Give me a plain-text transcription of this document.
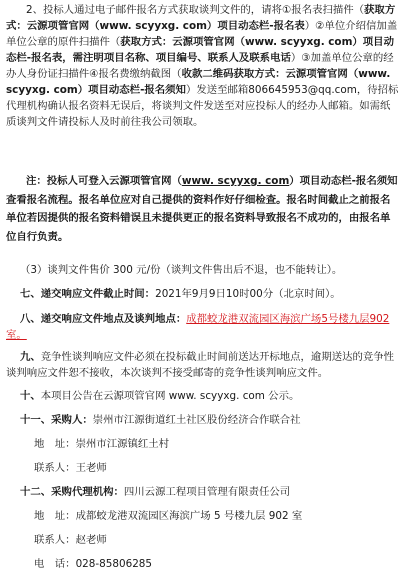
2、投标人通过电子邮件报名方式获取谈判文件的，请将①报名表扫描件（获取方式：云源项管官网（www. scyyxg. com）项目动态栏-报名表）②单位介绍信加盖单位公章的原件扫描件（获取方式：云源项管官网（www. scyyxg. com）项目动态栏-报名表，需注明项目名称、项目编号、联系人及联系电话）③加盖单位公章的经办人身份证扫描件④报名费缴纳截图（收款二维码获取方式：云源项管官网（www. scyyxg. com）项目动态栏-报名须知）发送至邮箱806645953@qq.com，待招标代理机构确认报名资料无误后，将谈判文件发送至对应投标人的经办人邮箱。如需纸质谈判文件请投标人及时前往我公司领取。

注：投标人可登入云源项管官网（www. scyyxg. com）项目动态栏-报名须知查看报名流程。报名单位应对自己提供的资料作好仔细检查。报名时间截止之前报名单位若因提供的报名资料错误且未提供更正的报名资料导致报名不成功的，由报名单位自行负责。

（3）谈判文件售价 300 元/份（谈判文件售出后不退，也不能转让）。
七、递交响应文件截止时间：2021年9月9日10时00分（北京时间）。

八、递交响应文件地点及谈判地点：成都蛟龙港双流园区海滨广场5号楼九层902室。

九、竞争性谈判响应文件必须在投标截止时间前送达开标地点，逾期送达的竞争性谈判响应文件恕不接收，本次谈判不接受邮寄的竞争性谈判响应文件。

十、本项目公告在云源项管官网 www. scyyxg. com 公示。
十一、采购人：崇州市江源街道红土社区股份经济合作联合社
地　址：崇州市江源镇红土村
联系人：王老师
十二、采购代理机构：四川云源工程项目管理有限责任公司
地　址：成都蛟龙港双流园区海滨广场 5 号楼九层 902 室
联系人：赵老师
电　话：028-85806285
